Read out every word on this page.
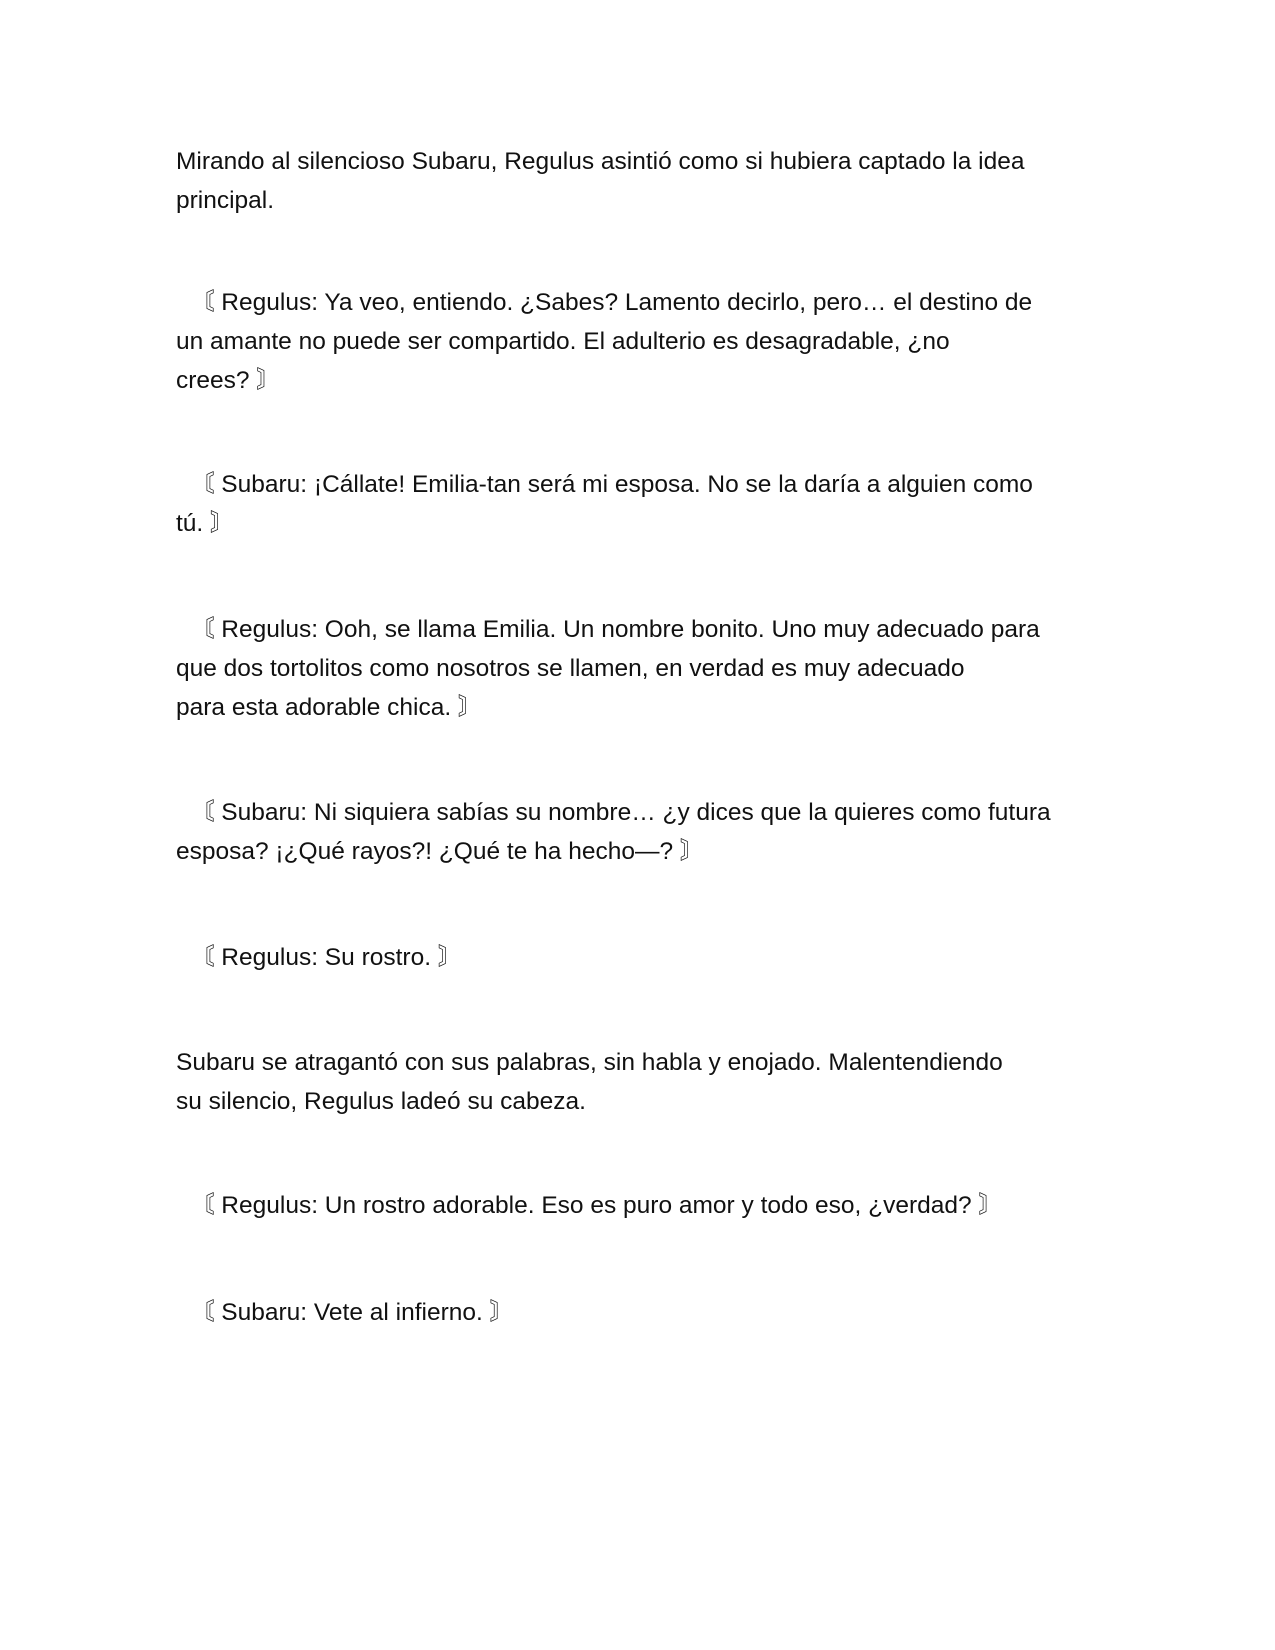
Mirando al silencioso Subaru, Regulus asintió como si hubiera captado la idea
principal.

〘 Regulus: Ya veo, entiendo. ¿Sabes? Lamento decirlo, pero… el destino de
un amante no puede ser compartido. El adulterio es desagradable, ¿no
crees? 〙

〘 Subaru: ¡Cállate! Emilia-tan será mi esposa. No se la daría a alguien como
tú. 〙

〘 Regulus: Ooh, se llama Emilia. Un nombre bonito. Uno muy adecuado para
que dos tortolitos como nosotros se llamen, en verdad es muy adecuado
para esta adorable chica. 〙

〘 Subaru: Ni siquiera sabías su nombre… ¿y dices que la quieres como futura
esposa? ¡¿Qué rayos?! ¿Qué te ha hecho—? 〙

〘 Regulus: Su rostro. 〙

Subaru se atragantó con sus palabras, sin habla y enojado. Malentendiendo
su silencio, Regulus ladeó su cabeza.

〘 Regulus: Un rostro adorable. Eso es puro amor y todo eso, ¿verdad? 〙

〘 Subaru: Vete al infierno. 〙
